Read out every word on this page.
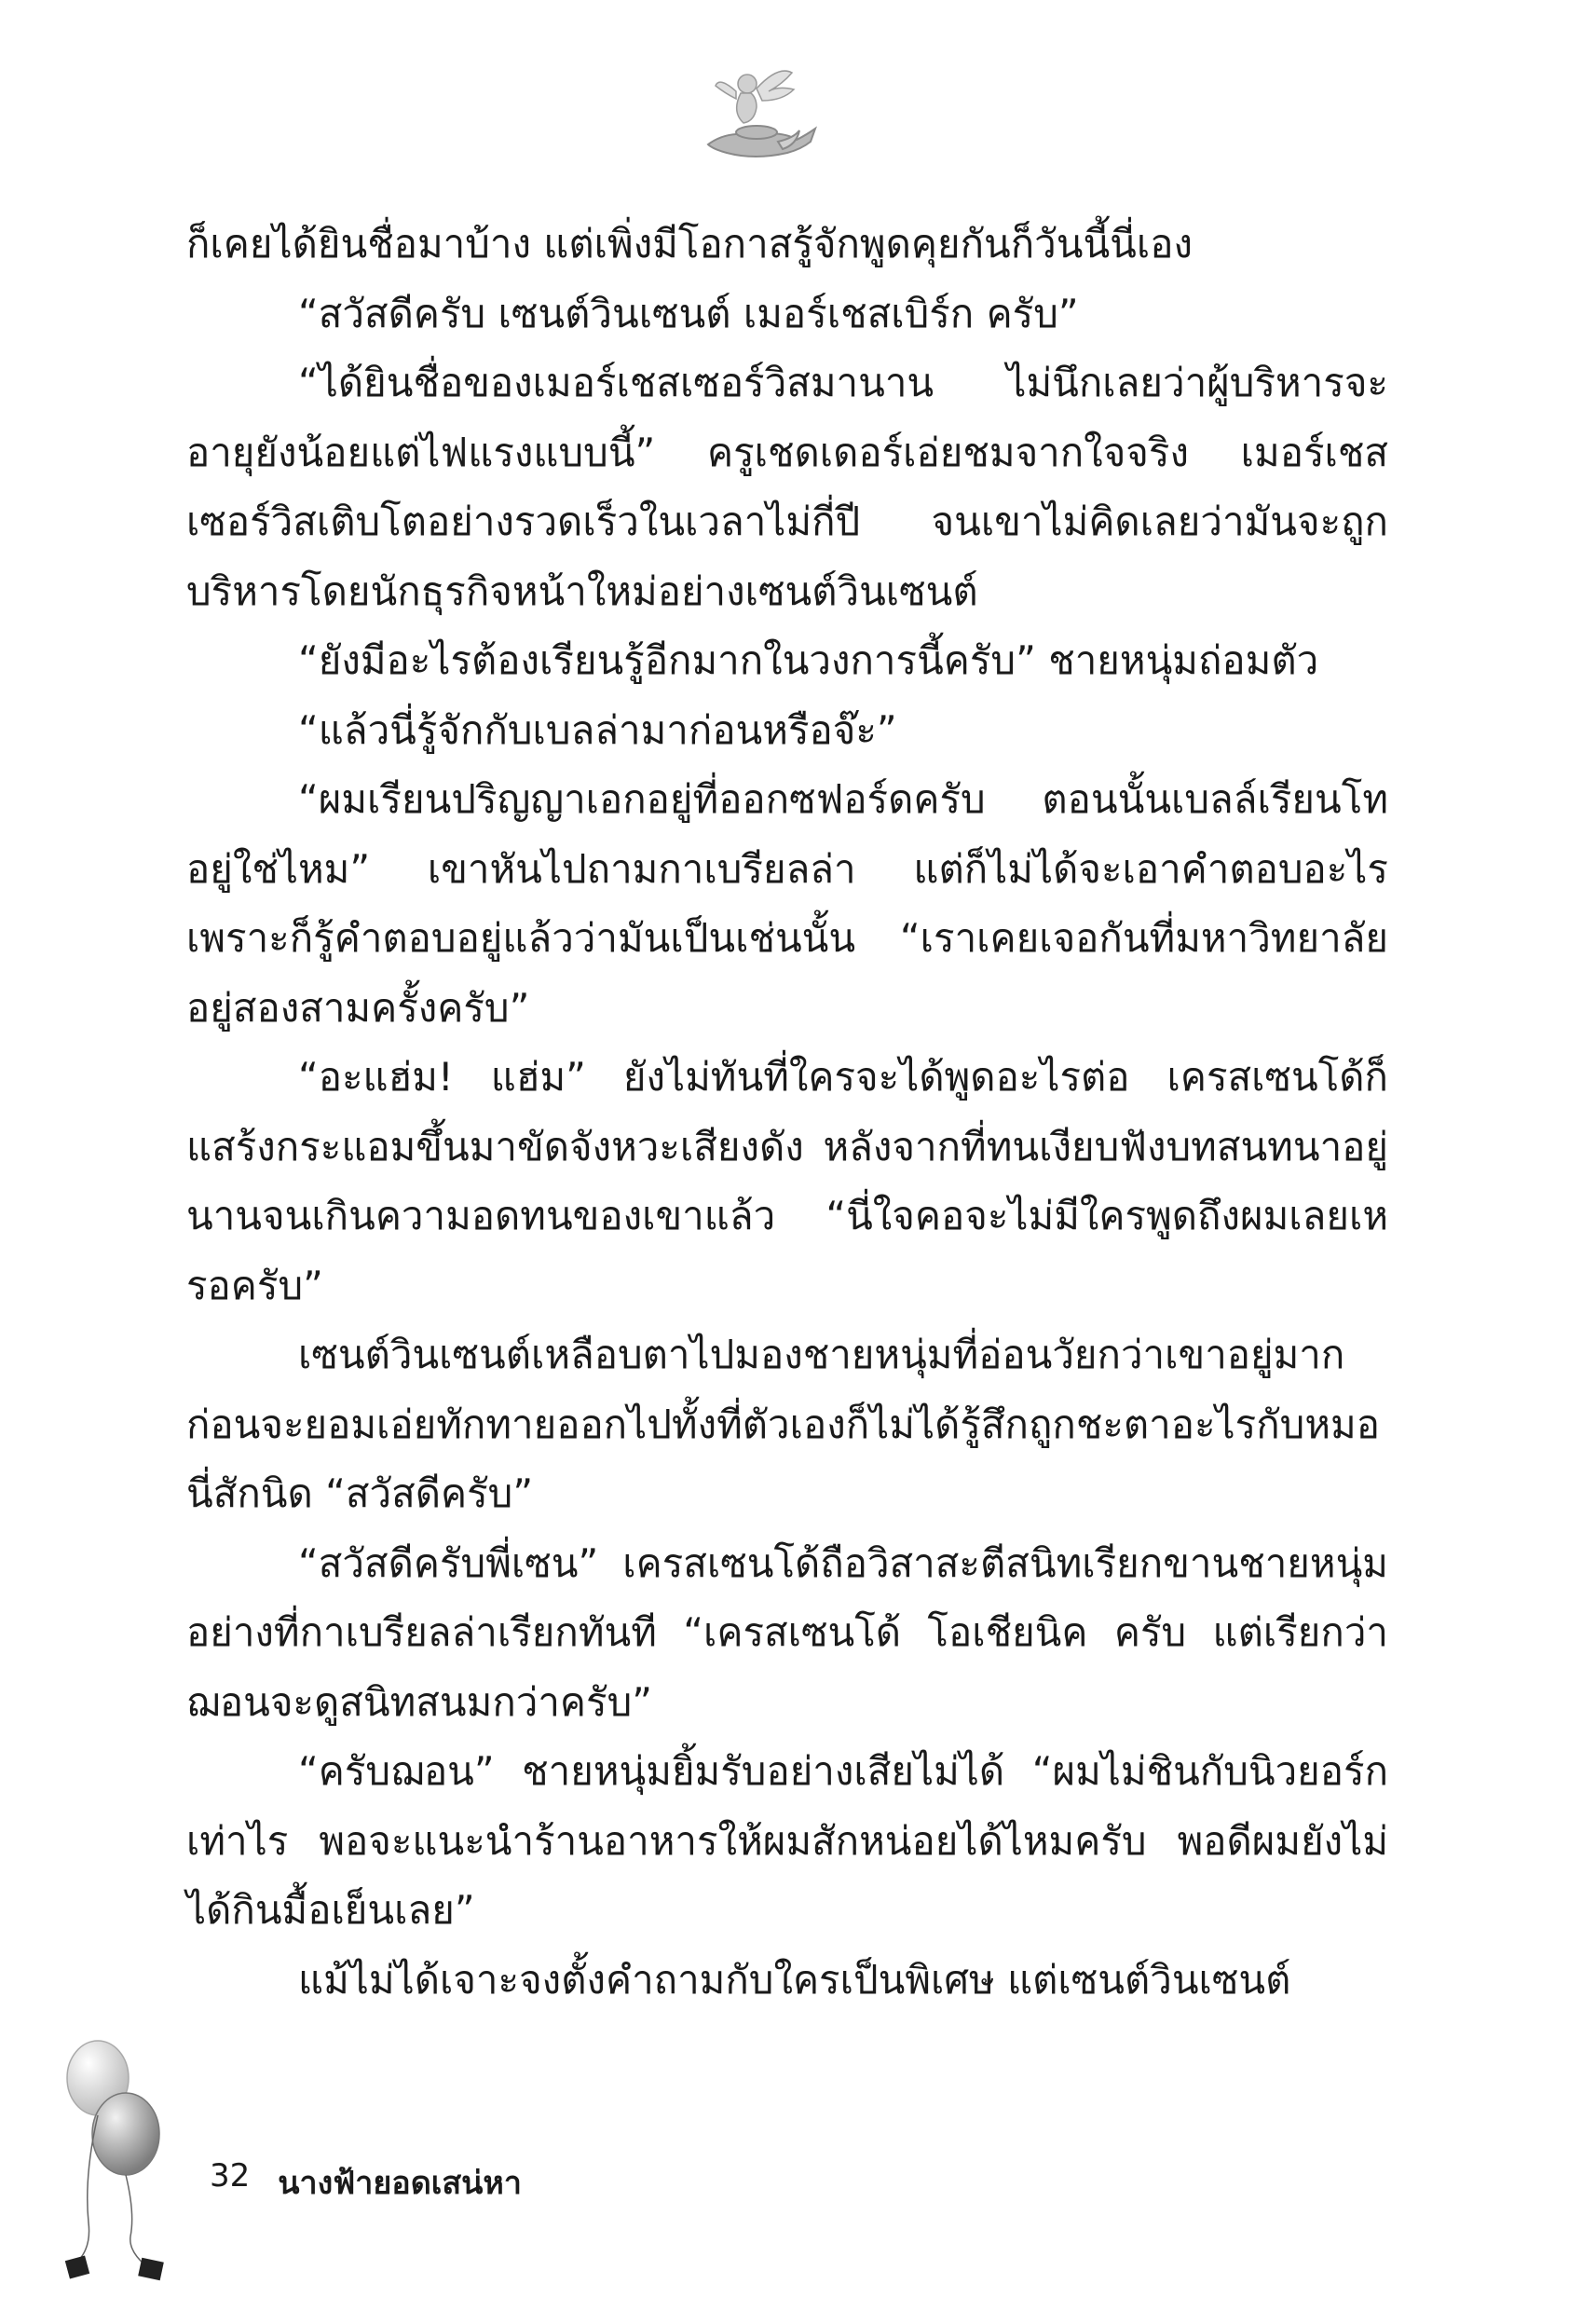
ก็เคยได้ยินชื่อมาบ้าง แต่เพิ่งมีโอกาสรู้จักพูดคุยกันก็วันนี้นี่เอง

“สวัสดีครับ เซนต์วินเซนต์ เมอร์เชสเบิร์ก ครับ”

“ได้ยินชื่อของเมอร์เชสเซอร์วิสมานาน ไม่นึกเลยว่าผู้บริหารจะอายุยังน้อยแต่ไฟแรงแบบนี้” ครูเชดเดอร์เอ่ยชมจากใจจริง เมอร์เชสเซอร์วิสเติบโตอย่างรวดเร็วในเวลาไม่กี่ปี จนเขาไม่คิดเลยว่ามันจะถูกบริหารโดยนักธุรกิจหน้าใหม่อย่างเซนต์วินเซนต์

“ยังมีอะไรต้องเรียนรู้อีกมากในวงการนี้ครับ” ชายหนุ่มถ่อมตัว

“แล้วนี่รู้จักกับเบลล่ามาก่อนหรือจ๊ะ”

“ผมเรียนปริญญาเอกอยู่ที่ออกซฟอร์ดครับ ตอนนั้นเบลล์เรียนโทอยู่ใช่ไหม” เขาหันไปถามกาเบรียลล่า แต่ก็ไม่ได้จะเอาคำตอบอะไร เพราะก็รู้คำตอบอยู่แล้วว่ามันเป็นเช่นนั้น “เราเคยเจอกันที่มหาวิทยาลัยอยู่สองสามครั้งครับ”

“อะแฮ่ม! แฮ่ม” ยังไม่ทันที่ใครจะได้พูดอะไรต่อ เครสเซนโด้ก็แสร้งกระแอมขึ้นมาขัดจังหวะเสียงดัง หลังจากที่ทนเงียบฟังบทสนทนาอยู่นานจนเกินความอดทนของเขาแล้ว “นี่ใจคอจะไม่มีใครพูดถึงผมเลยเหรอครับ”

เซนต์วินเซนต์เหลือบตาไปมองชายหนุ่มที่อ่อนวัยกว่าเขาอยู่มาก ก่อนจะยอมเอ่ยทักทายออกไปทั้งที่ตัวเองก็ไม่ได้รู้สึกถูกชะตาอะไรกับหมอนี่สักนิด “สวัสดีครับ”

“สวัสดีครับพี่เซน” เครสเซนโด้ถือวิสาสะตีสนิทเรียกขานชายหนุ่มอย่างที่กาเบรียลล่าเรียกทันที “เครสเซนโด้ โอเชียนิค ครับ แต่เรียกว่าฌอนจะดูสนิทสนมกว่าครับ”

“ครับฌอน” ชายหนุ่มยิ้มรับอย่างเสียไม่ได้ “ผมไม่ชินกับนิวยอร์กเท่าไร พอจะแนะนำร้านอาหารให้ผมสักหน่อยได้ไหมครับ พอดีผมยังไม่ได้กินมื้อเย็นเลย”

แม้ไม่ได้เจาะจงตั้งคำถามกับใครเป็นพิเศษ แต่เซนต์วินเซนต์

32 นางฟ้ายอดเสน่หา
